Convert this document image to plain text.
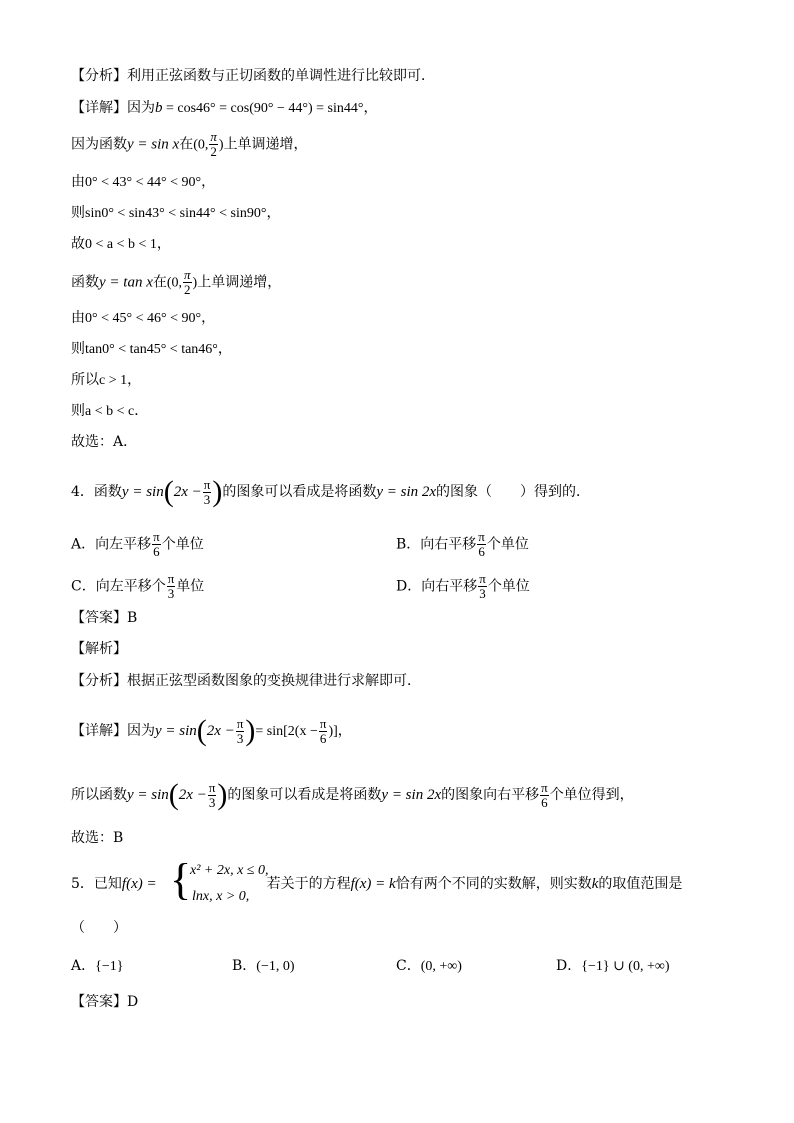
【分析】利用正弦函数与正切函数的单调性进行比较即可．
【详解】因为b = cos46° = cos(90° − 44°) = sin44°，
因为函数y = sin x在(0, $\frac{\pi}{2}$ )上单调递增，
由0° < 43° < 44° < 90°，
则sin0° < sin43° < sin44° < sin90°，
故0 < a < b < 1，
函数y = tan x在(0, $\frac{\pi}{2}$ )上单调递增，
由0° < 45° < 46° < 90°，
则tan0° < tan45° < tan46°，
所以c > 1，
则a < b < c．
故选：A．
4．函数$y = \sin(2x - \frac{\pi}{3}$ )的图象可以看成是将函数y = sin 2x的图象（　　）得到的．
A．向左平移 $\frac{\pi}{6}$ 个单位	B．向右平移 $\frac{\pi}{6}$ 个单位
C．向左平移个 $\frac{\pi}{3}$ 单位	D．向右平移 $\frac{\pi}{3}$ 个单位
【答案】B
【解析】
【分析】根据正弦型函数图象的变换规律进行求解即可．
【详解】因为$y = \sin(2x - \frac{\pi}{3}$ )= $\sin[2(x - \frac{\pi}{6}$ )]，
所以函数$y = \sin(2x - \frac{\pi}{3}$ )的图象可以看成是将函数y = sin 2x的图象向右平移 $\frac{\pi}{6}$ 个单位得到，
故选：B
5．已知f(x) =	若关于的方程f(x) = k恰有两个不同的实数解，则实数k的取值范围是
{
x² + 2x, x ≤ 0,
lnx, x > 0,
（　　）
A．{−1}	B．(−1, 0)	C．(0, +∞)	D．{−1} ∪ (0, +∞)
【答案】D
